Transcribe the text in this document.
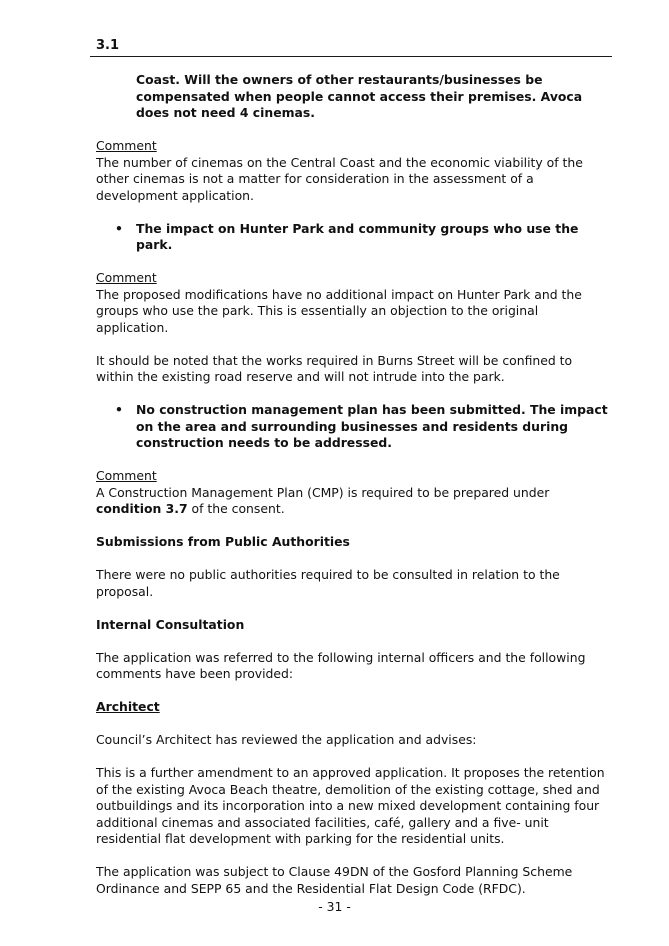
3.1

Coast. Will the owners of other restaurants/businesses be compensated when people cannot access their premises. Avoca does not need 4 cinemas.

Comment

The number of cinemas on the Central Coast and the economic viability of the other cinemas is not a matter for consideration in the assessment of a development application.

• The impact on Hunter Park and community groups who use the park.

Comment

The proposed modifications have no additional impact on Hunter Park and the groups who use the park. This is essentially an objection to the original application.

It should be noted that the works required in Burns Street will be confined to within the existing road reserve and will not intrude into the park.

• No construction management plan has been submitted. The impact on the area and surrounding businesses and residents during construction needs to be addressed.

Comment

A Construction Management Plan (CMP) is required to be prepared under condition 3.7 of the consent.

Submissions from Public Authorities

There were no public authorities required to be consulted in relation to the proposal.

Internal Consultation

The application was referred to the following internal officers and the following comments have been provided:

Architect

Council’s Architect has reviewed the application and advises:

This is a further amendment to an approved application. It proposes the retention of the existing Avoca Beach theatre, demolition of the existing cottage, shed and outbuildings and its incorporation into a new mixed development containing four additional cinemas and associated facilities, café, gallery and a five- unit residential flat development with parking for the residential units.

The application was subject to Clause 49DN of the Gosford Planning Scheme Ordinance and SEPP 65 and the Residential Flat Design Code (RFDC).

- 31 -
